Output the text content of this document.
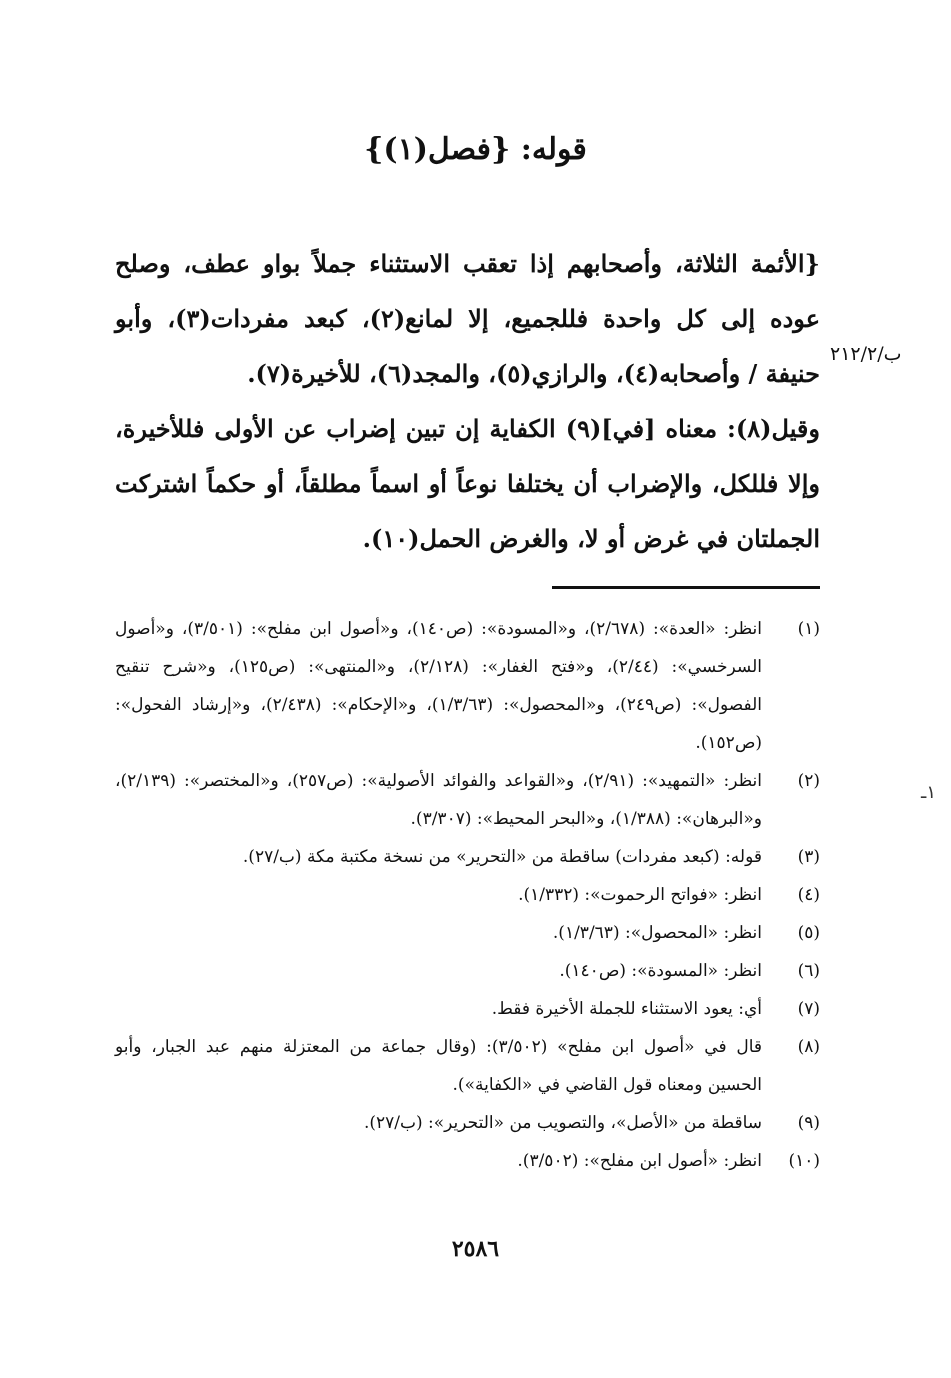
قوله: {فصل(١)}
ب/٢١٢/٢

{الأئمة الثلاثة، وأصحابهم إذا تعقب الاستثناء جملاً بواو عطف، وصلح عوده إلى كل واحدة فللجميع، إلا لمانع(٢)، كبعد مفردات(٣)، وأبو حنيفة / وأصحابه(٤)، والرازي(٥)، والمجد(٦)، للأخيرة(٧).

وقيل(٨): معناه [في](٩) الكفاية إن تبين إضراب عن الأولى فللأخيرة، وإلا فللكل، والإضراب أن يختلفا نوعاً أو اسماً مطلقاً، أو حكماً اشتركت الجملتان في غرض أو لا، والغرض الحمل(١٠).

١ـ
(١)
انظر: «العدة»: (٢/٦٧٨)، و«المسودة»: (ص١٤٠)، و«أصول ابن مفلح»: (٣/٥٠١)، و«أصول السرخسي»: (٢/٤٤)، و«فتح الغفار»: (٢/١٢٨)، و«المنتهى»: (ص١٢٥)، و«شرح تنقيح الفصول»: (ص٢٤٩)، و«المحصول»: (١/٣/٦٣)، و«الإحكام»: (٢/٤٣٨)، و«إرشاد الفحول»: (ص١٥٢).
(٢)
انظر: «التمهيد»: (٢/٩١)، و«القواعد والفوائد الأصولية»: (ص٢٥٧)، و«المختصر»: (٢/١٣٩)، و«البرهان»: (١/٣٨٨)، و«البحر المحيط»: (٣/٣٠٧).
(٣)
قوله: (كبعد مفردات) ساقطة من «التحرير» من نسخة مكتبة مكة (ب/٢٧).
(٤)
انظر: «فواتح الرحموت»: (١/٣٣٢).
(٥)
انظر: «المحصول»: (١/٣/٦٣).
(٦)
انظر: «المسودة»: (ص١٤٠).
(٧)
أي: يعود الاستثناء للجملة الأخيرة فقط.
(٨)
قال في «أصول ابن مفلح» (٣/٥٠٢): (وقال جماعة من المعتزلة منهم عبد الجبار، وأبو الحسين ومعناه قول القاضي في «الكفاية»).
(٩)
ساقطة من «الأصل»، والتصويب من «التحرير»: (ب/٢٧).
(١٠)
انظر: «أصول ابن مفلح»: (٣/٥٠٢).
٢٥٨٦
